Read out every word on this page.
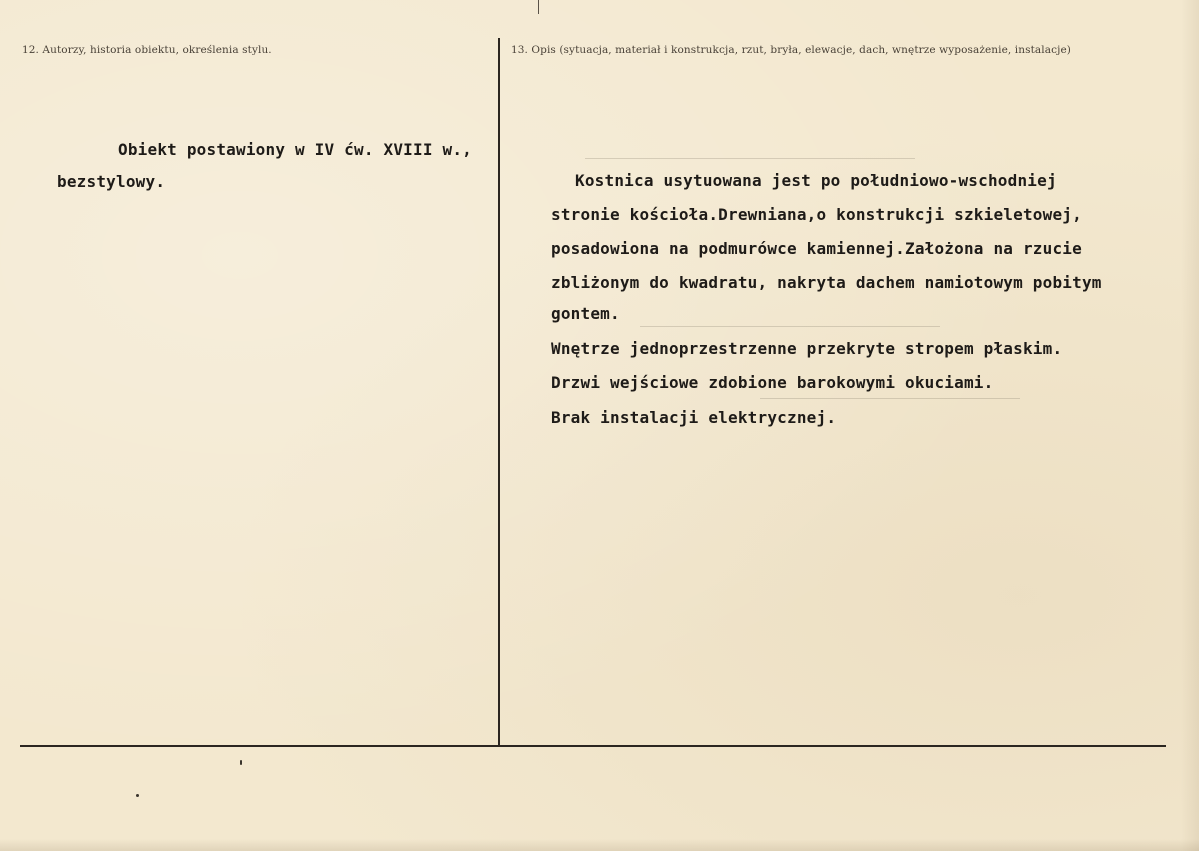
12. Autorzy, historia obiektu, określenia stylu.	13. Opis (sytuacja, materiał i konstrukcja, rzut, bryła, elewacje, dach, wnętrze wyposażenie, instalacje)
Obiekt postawiony w IV ćw. XVIII w.,
bezstylowy.	Kostnica usytuowana jest po południowo-wschodniej
stronie kościoła.Drewniana,o konstrukcji szkieletowej,
posadowiona na podmurówce kamiennej.Założona na rzucie
zbliżonym do kwadratu, nakryta dachem namiotowym pobitym
gontem.
Wnętrze jednoprzestrzenne przekryte stropem płaskim.
Drzwi wejściowe zdobione barokowymi okuciami.
Brak instalacji elektrycznej.
